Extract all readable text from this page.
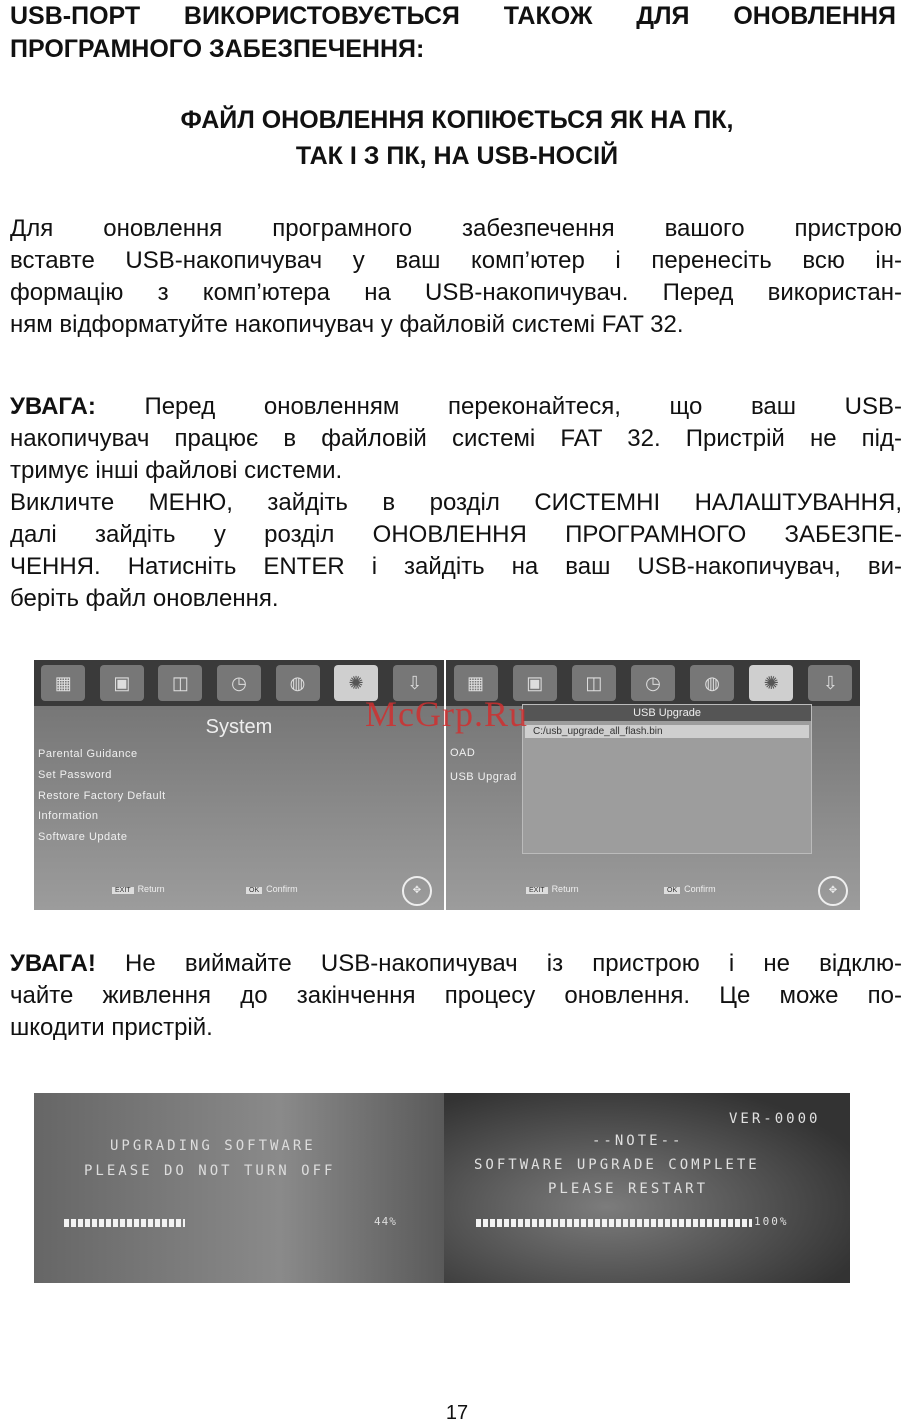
USB-ПОРТ ВИКОРИСТОВУЄТЬСЯ ТАКОЖ ДЛЯ ОНОВЛЕННЯ
ПРОГРАМНОГО ЗАБЕЗПЕЧЕННЯ:
ФАЙЛ ОНОВЛЕННЯ КОПІЮЄТЬСЯ ЯК НА ПК,
ТАК І З ПК, НА USB-НОСІЙ
Для оновлення програмного забезпечення вашого пристрою
вставте USB-накопичувач у ваш комп’ютер і перенесіть всю ін-
формацію з комп’ютера на USB-накопичувач. Перед використан-
ням відформатуйте накопичувач у файловій системі FAT 32.
УВАГА: Перед оновленням переконайтеся, що ваш USB-
накопичувач працює в файловій системі FAT 32. Пристрій не під-
тримує інші файлові системи.
Викличте МЕНЮ, зайдіть в розділ СИСТЕМНІ НАЛАШТУВАННЯ,
далі зайдіть у розділ ОНОВЛЕННЯ ПРОГРАМНОГО ЗАБЕЗПЕ-
ЧЕННЯ. Натисніть ENTER і зайдіть на ваш USB-накопичувач, ви-
беріть файл оновлення.
▦	▣	◫	◷	◍	✺	⇩
System
Parental Guidance
Set Password
Restore Factory Default
Information
Software Update
EXIT Return	OK Confirm	✥
▦	▣	◫	◷	◍	✺	⇩
OAD
USB Upgrad
USB Upgrade
C:/usb_upgrade_all_flash.bin
EXIT Return	OK Confirm	✥
McGrp.Ru
УВАГА! Не виймайте USB-накопичувач із пристрою і не відклю-
чайте живлення до закінчення процесу оновлення. Це може по-
шкодити пристрій.
UPGRADING SOFTWARE
PLEASE DO NOT TURN OFF
44%
VER-0000
--NOTE--
SOFTWARE UPGRADE COMPLETE
PLEASE RESTART
100%
17
